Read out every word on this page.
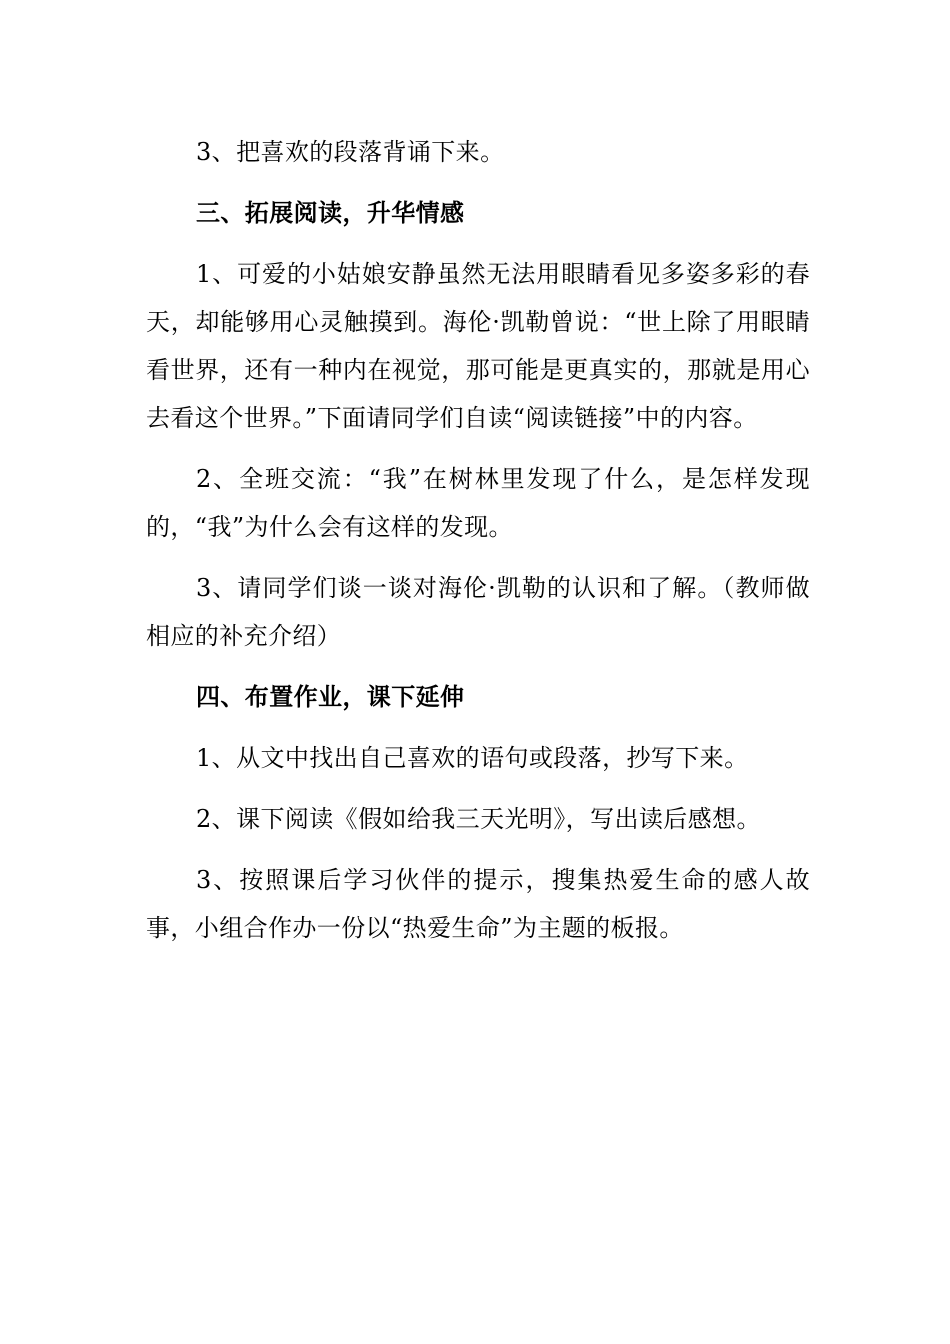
3、把喜欢的段落背诵下来。

三、拓展阅读，升华情感

1、可爱的小姑娘安静虽然无法用眼睛看见多姿多彩的春天，却能够用心灵触摸到。海伦·凯勒曾说：“世上除了用眼睛看世界，还有一种内在视觉，那可能是更真实的，那就是用心去看这个世界。”下面请同学们自读“阅读链接”中的内容。

2、全班交流：“我”在树林里发现了什么，是怎样发现的，“我”为什么会有这样的发现。

3、请同学们谈一谈对海伦·凯勒的认识和了解。（教师做相应的补充介绍）

四、布置作业，课下延伸

1、从文中找出自己喜欢的语句或段落，抄写下来。

2、课下阅读《假如给我三天光明》，写出读后感想。

3、按照课后学习伙伴的提示，搜集热爱生命的感人故事，小组合作办一份以“热爱生命”为主题的板报。
